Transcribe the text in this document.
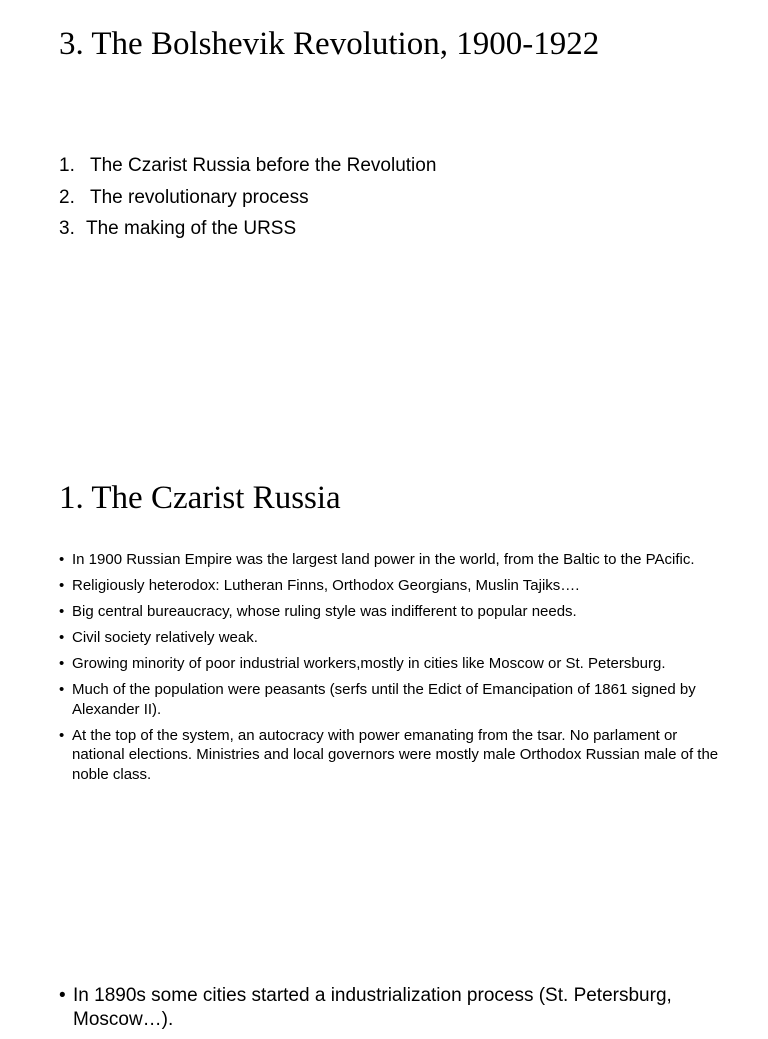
3. The Bolshevik Revolution, 1900-1922
1. The Czarist Russia before the Revolution
2. The revolutionary process
3. The making of the URSS
1. The Czarist Russia
• In 1900 Russian Empire was the largest land power in the world, from the Baltic to the PAcific.
• Religiously heterodox: Lutheran Finns, Orthodox Georgians, Muslin Tajiks….
• Big central bureaucracy, whose ruling style was indifferent to popular needs.
• Civil society relatively weak.
• Growing minority of poor industrial workers,mostly in cities like Moscow or St. Petersburg.
• Much of the population were peasants (serfs until the Edict of Emancipation of 1861 signed by Alexander II).
• At the top of the system, an autocracy with power emanating from the tsar. No parlament or national elections. Ministries and local governors were mostly male Orthodox Russian male of the noble class.
• In 1890s some cities started a industrialization process (St. Petersburg, Moscow…).
